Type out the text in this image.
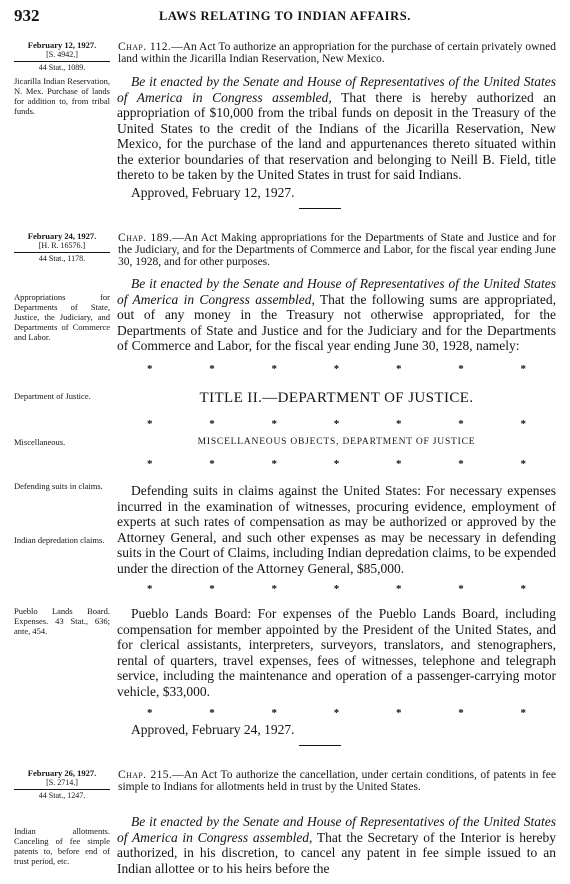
932	LAWS RELATING TO INDIAN AFFAIRS.
February 12, 1927.
[S. 4942.]
44 Stat., 1089.
Chap. 112.—An Act To authorize an appropriation for the purchase of certain privately owned land within the Jicarilla Indian Reservation, New Mexico.
Jicarilla Indian Reservation, N. Mex. Purchase of lands for addition to, from tribal funds.
Be it enacted by the Senate and House of Representatives of the United States of America in Congress assembled, That there is hereby authorized an appropriation of $10,000 from the tribal funds on deposit in the Treasury of the United States to the credit of the Indians of the Jicarilla Reservation, New Mexico, for the purchase of the land and appurtenances thereto situated within the exterior boundaries of that reservation and belonging to Neill B. Field, title thereto to be taken by the United States in trust for said Indians.
Approved, February 12, 1927.
February 24, 1927.
[H. R. 16576.]
44 Stat., 1178.
Chap. 189.—An Act Making appropriations for the Departments of State and Justice and for the Judiciary, and for the Departments of Commerce and Labor, for the fiscal year ending June 30, 1928, and for other purposes.
Appropriations for Departments of State, Justice, the Judiciary, and Departments of Commerce and Labor.
Be it enacted by the Senate and House of Representatives of the United States of America in Congress assembled, That the following sums are appropriated, out of any money in the Treasury not otherwise appropriated, for the Departments of State and Justice and for the Judiciary and for the Departments of Commerce and Labor, for the fiscal year ending June 30, 1928, namely:
*	*	*	*	*	*	*
Department of Justice.	TITLE II.—DEPARTMENT OF JUSTICE.
*	*	*	*	*	*	*
Miscellaneous.	MISCELLANEOUS OBJECTS, DEPARTMENT OF JUSTICE
*	*	*	*	*	*	*
Defending suits in claims.
Indian depredation claims.
Defending suits in claims against the United States: For necessary expenses incurred in the examination of witnesses, procuring evidence, employment of experts at such rates of compensation as may be authorized or approved by the Attorney General, and such other expenses as may be necessary in defending suits in the Court of Claims, including Indian depredation claims, to be expended under the direction of the Attorney General, $85,000.
*	*	*	*	*	*	*
Pueblo Lands Board. Expenses. 43 Stat., 636; ante, 454.
Pueblo Lands Board: For expenses of the Pueblo Lands Board, including compensation for member appointed by the President of the United States, and for clerical assistants, interpreters, surveyors, translators, and stenographers, rental of quarters, travel expenses, fees of witnesses, telephone and telegraph service, including the maintenance and operation of a passenger-carrying motor vehicle, $33,000.
*	*	*	*	*	*	*
Approved, February 24, 1927.
February 26, 1927.
[S. 2714.]
44 Stat., 1247.
Chap. 215.—An Act To authorize the cancellation, under certain conditions, of patents in fee simple to Indians for allotments held in trust by the United States.
Indian allotments. Canceling of fee simple patents to, before end of trust period, etc.
Be it enacted by the Senate and House of Representatives of the United States of America in Congress assembled, That the Secretary of the Interior is hereby authorized, in his discretion, to cancel any patent in fee simple issued to an Indian allottee or to his heirs before the
